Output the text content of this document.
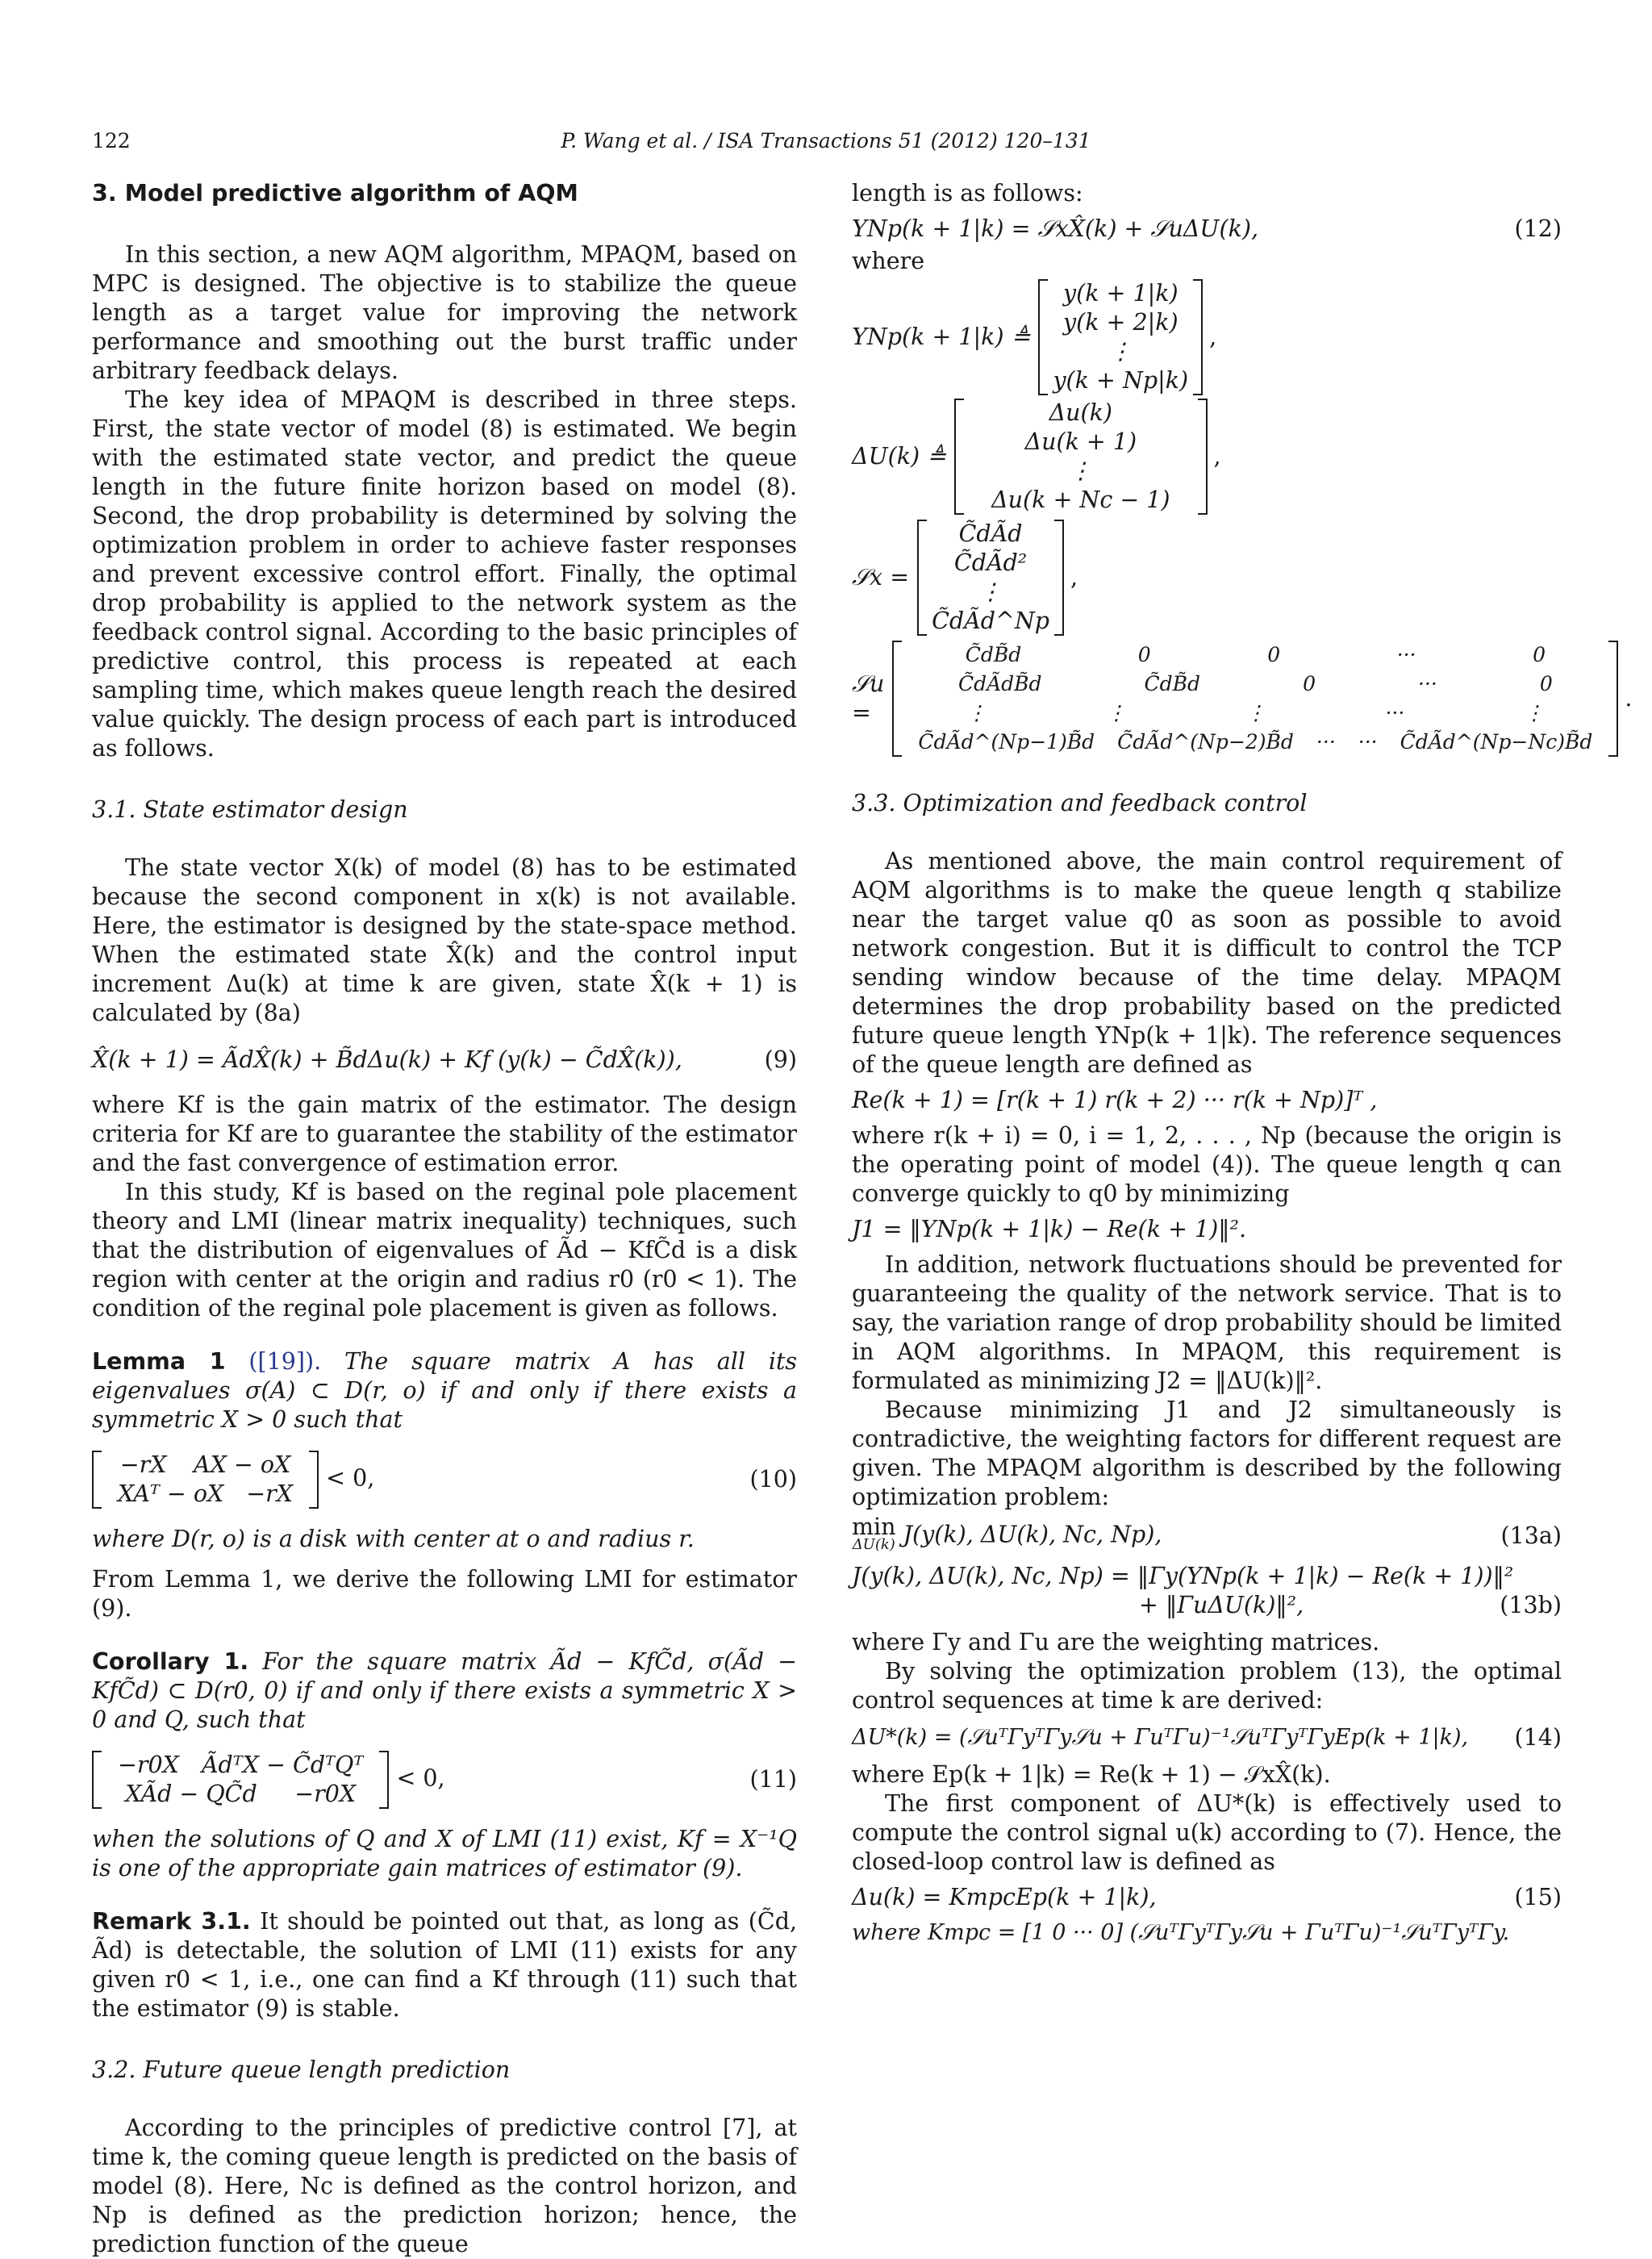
122	P. Wang et al. / ISA Transactions 51 (2012) 120–131
3. Model predictive algorithm of AQM

In this section, a new AQM algorithm, MPAQM, based on MPC is designed. The objective is to stabilize the queue length as a target value for improving the network performance and smoothing out the burst traffic under arbitrary feedback delays.

The key idea of MPAQM is described in three steps. First, the state vector of model (8) is estimated. We begin with the estimated state vector, and predict the queue length in the future finite horizon based on model (8). Second, the drop probability is determined by solving the optimization problem in order to achieve faster responses and prevent excessive control effort. Finally, the optimal drop probability is applied to the network system as the feedback control signal. According to the basic principles of predictive control, this process is repeated at each sampling time, which makes queue length reach the desired value quickly. The design process of each part is introduced as follows.

3.1. State estimator design

The state vector X(k) of model (8) has to be estimated because the second component in x(k) is not available. Here, the estimator is designed by the state-space method. When the estimated state X̂(k) and the control input increment Δu(k) at time k are given, state X̂(k + 1) is calculated by (8a)

X̂(k + 1) = ÃdX̂(k) + B̃dΔu(k) + Kf (y(k) − C̃dX̂(k)),	(9)

where Kf is the gain matrix of the estimator. The design criteria for Kf are to guarantee the stability of the estimator and the fast convergence of estimation error.

In this study, Kf is based on the reginal pole placement theory and LMI (linear matrix inequality) techniques, such that the distribution of eigenvalues of Ãd − KfC̃d is a disk region with center at the origin and radius r0 (r0 < 1). The condition of the reginal pole placement is given as follows.

Lemma 1 ([19]). The square matrix A has all its eigenvalues σ(A) ⊂ D(r, o) if and only if there exists a symmetric X > 0 such that

−rX	AX − oX
XAᵀ − oX −rX
< 0,	(10)

where D(r, o) is a disk with center at o and radius r.

From Lemma 1, we derive the following LMI for estimator (9).

Corollary 1. For the square matrix Ãd − KfC̃d, σ(Ãd − KfC̃d) ⊂ D(r0, 0) if and only if there exists a symmetric X > 0 and Q, such that

−r0X ÃdᵀX − C̃dᵀQᵀ
XÃd − QC̃d	−r0X
< 0,	(11)

when the solutions of Q and X of LMI (11) exist, Kf = X⁻¹Q is one of the appropriate gain matrices of estimator (9).

Remark 3.1. It should be pointed out that, as long as (C̃d, Ãd) is detectable, the solution of LMI (11) exists for any given r0 < 1, i.e., one can find a Kf through (11) such that the estimator (9) is stable.

3.2. Future queue length prediction

According to the principles of predictive control [7], at time k, the coming queue length is predicted on the basis of model (8). Here, Nc is defined as the control horizon, and Np is defined as the prediction horizon; hence, the prediction function of the queue

length is as follows:

YNp(k + 1|k) = 𝒮xX̂(k) + 𝒮uΔU(k),	(12)

where

YNp(k + 1|k) ≜
y(k + 1|k)
y(k + 2|k)
⋮
y(k + Np|k)
,
ΔU(k) ≜
Δu(k)
Δu(k + 1)
⋮
Δu(k + Nc − 1)
,
𝒮x =
C̃dÃd
C̃dÃd²
⋮
C̃dÃd^Np
,
𝒮u =
C̃dB̃d	0	0	···	0
C̃dÃdB̃d	C̃dB̃d	0	···	0
⋮	⋮	⋮	···	⋮
C̃dÃd^(Np−1)B̃d	C̃dÃd^(Np−2)B̃d	···	···	C̃dÃd^(Np−Nc)B̃d
.
3.3. Optimization and feedback control

As mentioned above, the main control requirement of AQM algorithms is to make the queue length q stabilize near the target value q0 as soon as possible to avoid network congestion. But it is difficult to control the TCP sending window because of the time delay. MPAQM determines the drop probability based on the predicted future queue length YNp(k + 1|k). The reference sequences of the queue length are defined as

Re(k + 1) = [r(k + 1) r(k + 2) ··· r(k + Np)]ᵀ ,

where r(k + i) = 0, i = 1, 2, . . . , Np (because the origin is the operating point of model (4)). The queue length q can converge quickly to q0 by minimizing

J1 = ‖YNp(k + 1|k) − Re(k + 1)‖².

In addition, network fluctuations should be prevented for guaranteeing the quality of the network service. That is to say, the variation range of drop probability should be limited in AQM algorithms. In MPAQM, this requirement is formulated as minimizing J2 = ‖ΔU(k)‖².

Because minimizing J1 and J2 simultaneously is contradictive, the weighting factors for different request are given. The MPAQM algorithm is described by the following optimization problem:

min
ΔU(k) J(y(k), ΔU(k), Nc, Np),	(13a)
J(y(k), ΔU(k), Nc, Np) = ‖Γy(YNp(k + 1|k) − Re(k + 1))‖²
+ ‖ΓuΔU(k)‖²,	(13b)

where Γy and Γu are the weighting matrices.

By solving the optimization problem (13), the optimal control sequences at time k are derived:

ΔU*(k) = (𝒮uᵀΓyᵀΓy𝒮u + ΓuᵀΓu)⁻¹𝒮uᵀΓyᵀΓyEp(k + 1|k), (14)

where Ep(k + 1|k) = Re(k + 1) − 𝒮xX̂(k).

The first component of ΔU*(k) is effectively used to compute the control signal u(k) according to (7). Hence, the closed-loop control law is defined as

Δu(k) = KmpcEp(k + 1|k),	(15)

where Kmpc = [1 0 ··· 0] (𝒮uᵀΓyᵀΓy𝒮u + ΓuᵀΓu)⁻¹𝒮uᵀΓyᵀΓy.
